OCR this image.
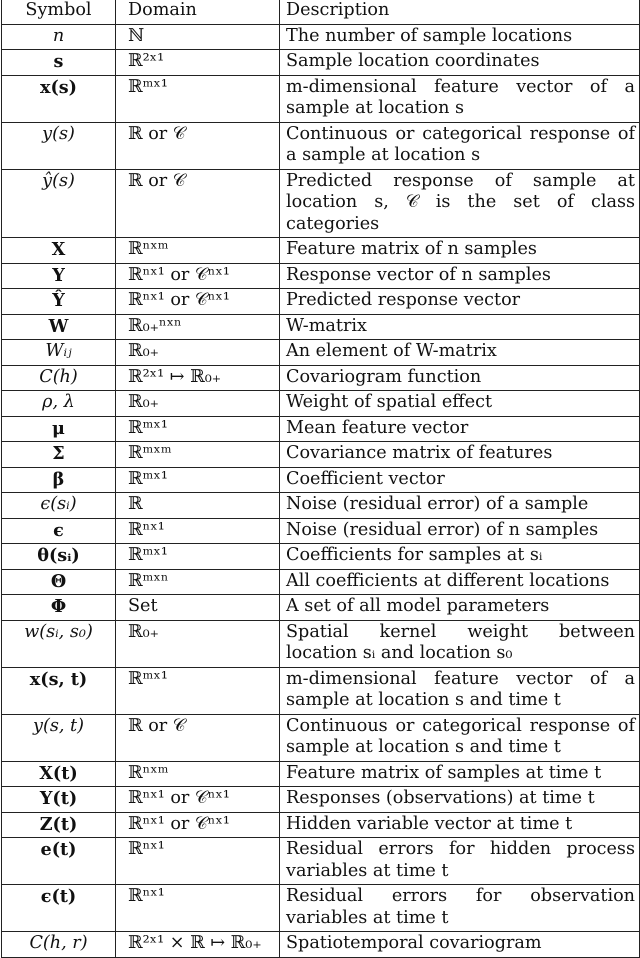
Symbol	Domain	Description
n	ℕ	The number of sample locations
s	ℝ²ˣ¹	Sample location coordinates
x(s)	ℝᵐˣ¹	m-dimensional feature vector of a sample at location s
y(s)	ℝ or 𝒞	Continuous or categorical response of a sample at location s
ŷ(s)	ℝ or 𝒞	Predicted response of sample at location s, 𝒞 is the set of class categories
X	ℝⁿˣᵐ	Feature matrix of n samples
Y	ℝⁿˣ¹ or 𝒞ⁿˣ¹	Response vector of n samples
Ŷ	ℝⁿˣ¹ or 𝒞ⁿˣ¹	Predicted response vector
W	ℝ₀₊ⁿˣⁿ	W-matrix
Wᵢⱼ	ℝ₀₊	An element of W-matrix
C(h)	ℝ²ˣ¹ ↦ ℝ₀₊	Covariogram function
ρ, λ	ℝ₀₊	Weight of spatial effect
μ	ℝᵐˣ¹	Mean feature vector
Σ	ℝᵐˣᵐ	Covariance matrix of features
β	ℝᵐˣ¹	Coefficient vector
ϵ(sᵢ)	ℝ	Noise (residual error) of a sample
ϵ	ℝⁿˣ¹	Noise (residual error) of n samples
θ(sᵢ)	ℝᵐˣ¹	Coefficients for samples at sᵢ
Θ	ℝᵐˣⁿ	All coefficients at different locations
Φ	Set	A set of all model parameters
w(sᵢ, s₀)	ℝ₀₊	Spatial kernel weight between location sᵢ and location s₀
x(s, t)	ℝᵐˣ¹	m-dimensional feature vector of a sample at location s and time t
y(s, t)	ℝ or 𝒞	Continuous or categorical response of sample at location s and time t
X(t)	ℝⁿˣᵐ	Feature matrix of samples at time t
Y(t)	ℝⁿˣ¹ or 𝒞ⁿˣ¹	Responses (observations) at time t
Z(t)	ℝⁿˣ¹ or 𝒞ⁿˣ¹	Hidden variable vector at time t
e(t)	ℝⁿˣ¹	Residual errors for hidden process variables at time t
ϵ(t)	ℝⁿˣ¹	Residual errors for observation variables at time t
C(h, r)	ℝ²ˣ¹ × ℝ ↦ ℝ₀₊	Spatiotemporal covariogram
